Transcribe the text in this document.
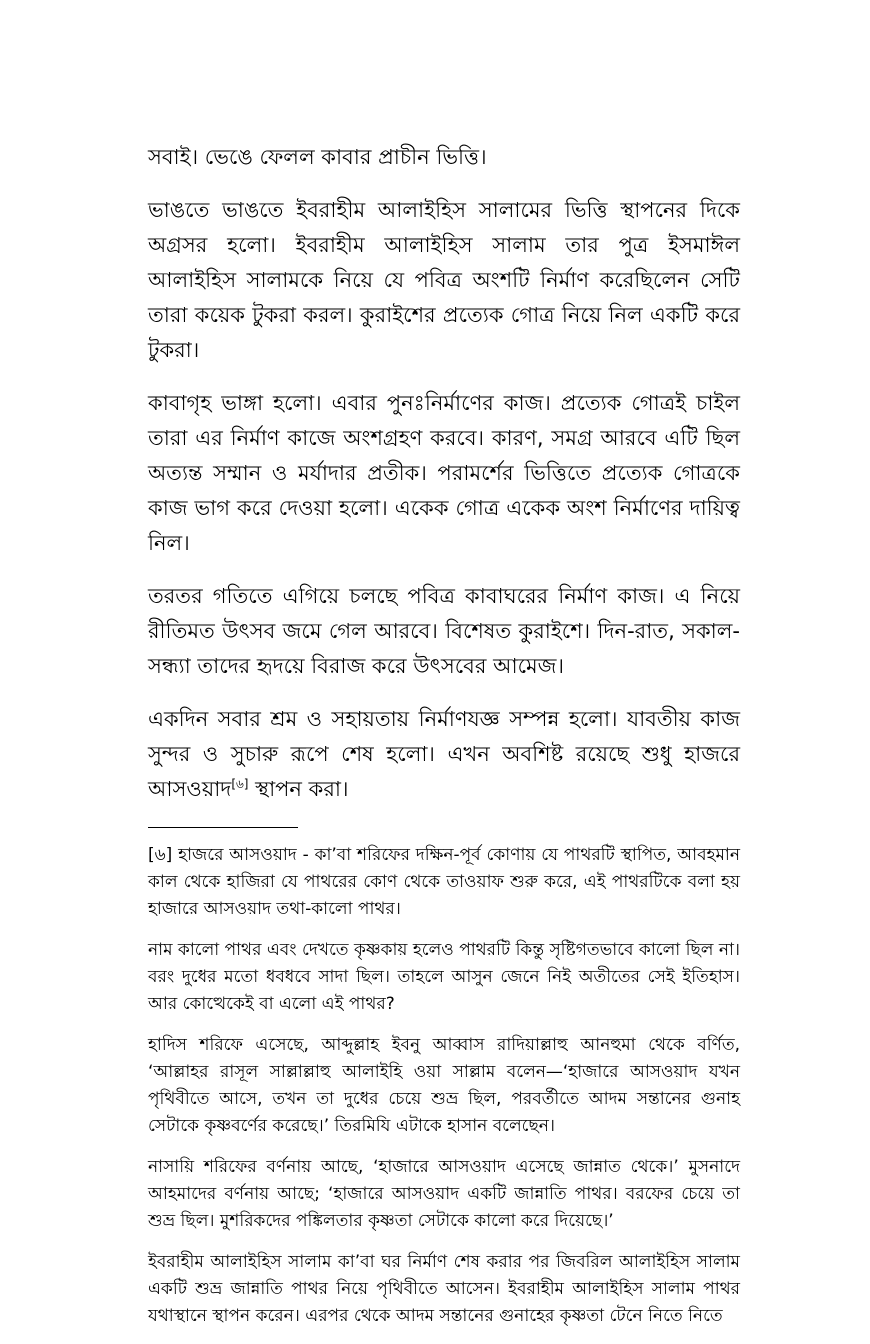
সবাই। ভেঙে ফেলল কাবার প্রাচীন ভিত্তি।

ভাঙতে ভাঙতে ইবরাহীম আলাইহিস সালামের ভিত্তি স্থাপনের দিকে অগ্রসর হলো। ইবরাহীম আলাইহিস সালাম তার পুত্র ইসমাঈল আলাইহিস সালামকে নিয়ে যে পবিত্র অংশটি নির্মাণ করেছিলেন সেটি তারা কয়েক টুকরা করল। কুরাইশের প্রত্যেক গোত্র নিয়ে নিল একটি করে টুকরা।

কাবাগৃহ ভাঙ্গা হলো। এবার পুনঃনির্মাণের কাজ। প্রত্যেক গোত্রই চাইল তারা এর নির্মাণ কাজে অংশগ্রহণ করবে। কারণ, সমগ্র আরবে এটি ছিল অত্যন্ত সম্মান ও মর্যাদার প্রতীক। পরামর্শের ভিত্তিতে প্রত্যেক গোত্রকে কাজ ভাগ করে দেওয়া হলো। একেক গোত্র একেক অংশ নির্মাণের দায়িত্ব নিল।

তরতর গতিতে এগিয়ে চলছে পবিত্র কাবাঘরের নির্মাণ কাজ। এ নিয়ে রীতিমত উৎসব জমে গেল আরবে। বিশেষত কুরাইশে। দিন-রাত, সকাল-সন্ধ্যা তাদের হৃদয়ে বিরাজ করে উৎসবের আমেজ।

একদিন সবার শ্রম ও সহায়তায় নির্মাণযজ্ঞ সম্পন্ন হলো। যাবতীয় কাজ সুন্দর ও সুচারু রূপে শেষ হলো। এখন অবশিষ্ট রয়েছে শুধু হাজরে আসওয়াদ[৬] স্থাপন করা।

[৬] হাজরে আসওয়াদ - কা’বা শরিফের দক্ষিন-পূর্ব কোণায় যে পাথরটি স্থাপিত, আবহমান কাল থেকে হাজিরা যে পাথরের কোণ থেকে তাওয়াফ শুরু করে, এই পাথরটিকে বলা হয় হাজারে আসওয়াদ তথা-কালো পাথর।

নাম কালো পাথর এবং দেখতে কৃষ্ণকায় হলেও পাথরটি কিন্তু সৃষ্টিগতভাবে কালো ছিল না। বরং দুধের মতো ধবধবে সাদা ছিল। তাহলে আসুন জেনে নিই অতীতের সেই ইতিহাস। আর কোত্থেকেই বা এলো এই পাথর?

হাদিস শরিফে এসেছে, আব্দুল্লাহ ইবনু আব্বাস রাদিয়াল্লাহু আনহুমা থেকে বর্ণিত, ‘আল্লাহর রাসূল সাল্লাল্লাহু আলাইহি ওয়া সাল্লাম বলেন—‘হাজারে আসওয়াদ যখন পৃথিবীতে আসে, তখন তা দুধের চেয়ে শুভ্র ছিল, পরবর্তীতে আদম সন্তানের গুনাহ সেটাকে কৃষ্ণবর্ণের করেছে।’ তিরমিযি এটাকে হাসান বলেছেন।

নাসায়ি শরিফের বর্ণনায় আছে, ‘হাজারে আসওয়াদ এসেছে জান্নাত থেকে।’ মুসনাদে আহমাদের বর্ণনায় আছে; ‘হাজারে আসওয়াদ একটি জান্নাতি পাথর। বরফের চেয়ে তা শুভ্র ছিল। মুশরিকদের পঙ্কিলতার কৃষ্ণতা সেটাকে কালো করে দিয়েছে।’

ইবরাহীম আলাইহিস সালাম কা’বা ঘর নির্মাণ শেষ করার পর জিবরিল আলাইহিস সালাম একটি শুভ্র জান্নাতি পাথর নিয়ে পৃথিবীতে আসেন। ইবরাহীম আলাইহিস সালাম পাথর যথাস্থানে স্থাপন করেন। এরপর থেকে আদম সন্তানের গুনাহের কৃষ্ণতা টেনে নিতে নিতে
